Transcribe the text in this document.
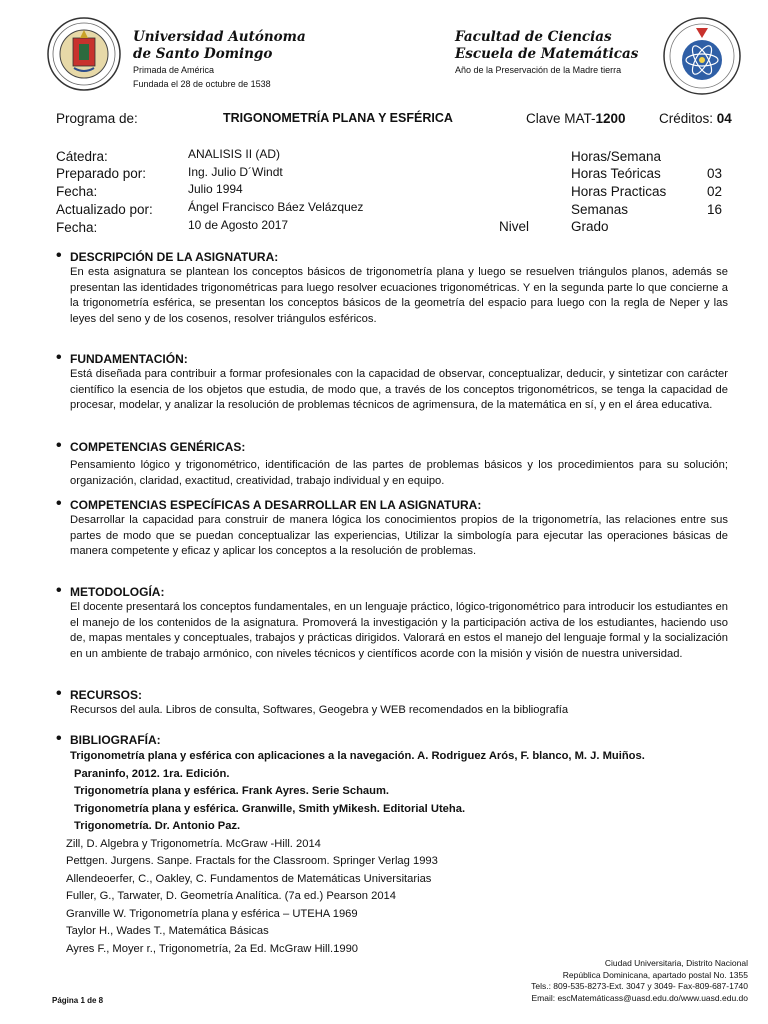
Universidad Autónoma
de Santo Domingo
Primada de América
Fundada el 28 de octubre de 1538
Facultad de Ciencias
Escuela de Matemáticas
Año de la Preservación de la Madre tierra
Programa de:	TRIGONOMETRÍA PLANA Y ESFÉRICA	Clave MAT-1200 Créditos: 04
Cátedra:	ANALISIS II (AD)
Preparado por:	Ing. Julio D´Windt
Fecha:	Julio 1994
Actualizado por:	Ángel Francisco Báez Velázquez
Fecha:	10 de Agosto 2017	Nivel
Horas/Semana
Horas Teóricas	03
Horas Practicas	02
Semanas	16
Grado
• DESCRIPCIÓN DE LA ASIGNATURA:
En esta asignatura se plantean los conceptos básicos de trigonometría plana y luego se resuelven triángulos planos, además se presentan las identidades trigonométricas para luego resolver ecuaciones trigonométricas. Y en la segunda parte lo que concierne a la trigonometría esférica, se presentan los conceptos básicos de la geometría del espacio para luego con la regla de Neper y las leyes del seno y de los cosenos, resolver triángulos esféricos.
• FUNDAMENTACIÓN:
Está diseñada para contribuir a formar profesionales con la capacidad de observar, conceptualizar, deducir, y sintetizar con carácter científico la esencia de los objetos que estudia, de modo que, a través de los conceptos trigonométricos, se tenga la capacidad de procesar, modelar, y analizar la resolución de problemas técnicos de agrimensura, de la matemática en sí, y en el área educativa.
• COMPETENCIAS GENÉRICAS:
Pensamiento lógico y trigonométrico, identificación de las partes de problemas básicos y los procedimientos para su solución; organización, claridad, exactitud, creatividad, trabajo individual y en equipo.
• COMPETENCIAS ESPECÍFICAS A DESARROLLAR EN LA ASIGNATURA:
Desarrollar la capacidad para construir de manera lógica los conocimientos propios de la trigonometría, las relaciones entre sus partes de modo que se puedan conceptualizar las experiencias, Utilizar la simbología para ejecutar las operaciones básicas de manera competente y eficaz y aplicar los conceptos a la resolución de problemas.
• METODOLOGÍA:
El docente presentará los conceptos fundamentales, en un lenguaje práctico, lógico-trigonométrico para introducir los estudiantes en el manejo de los contenidos de la asignatura. Promoverá la investigación y la participación activa de los estudiantes, haciendo uso de, mapas mentales y conceptuales, trabajos y prácticas dirigidos. Valorará en estos el manejo del lenguaje formal y la socialización en un ambiente de trabajo armónico, con niveles técnicos y científicos acorde con la misión y visión de nuestra universidad.
• RECURSOS:
Recursos del aula. Libros de consulta, Softwares, Geogebra y WEB recomendados en la bibliografía
• BIBLIOGRAFÍA:
Trigonometría plana y esférica con aplicaciones a la navegación. A. Rodriguez Arós, F. blanco, M. J. Muiños.
Paraninfo, 2012. 1ra. Edición.
Trigonometría plana y esférica. Frank Ayres. Serie Schaum.
Trigonometría plana y esférica. Granwille, Smith yMikesh. Editorial Uteha.
Trigonometría. Dr. Antonio Paz.
Zill, D. Algebra y Trigonometría. McGraw -Hill. 2014
Pettgen. Jurgens. Sanpe. Fractals for the Classroom. Springer Verlag 1993
Allendeoerfer, C., Oakley, C. Fundamentos de Matemáticas Universitarias
Fuller, G., Tarwater, D. Geometría Analítica. (7a ed.) Pearson 2014
Granville W. Trigonometría plana y esférica – UTEHA 1969
Taylor H., Wades T., Matemática Básicas
Ayres F., Moyer r., Trigonometría, 2a Ed. McGraw Hill.1990
Ciudad Universitaria, Distrito Nacional
República Dominicana, apartado postal No. 1355
Tels.: 809-535-8273-Ext. 3047 y 3049- Fax-809-687-1740
Email: escMatemáticass@uasd.edu.do/www.uasd.edu.do
Página 1 de 8
